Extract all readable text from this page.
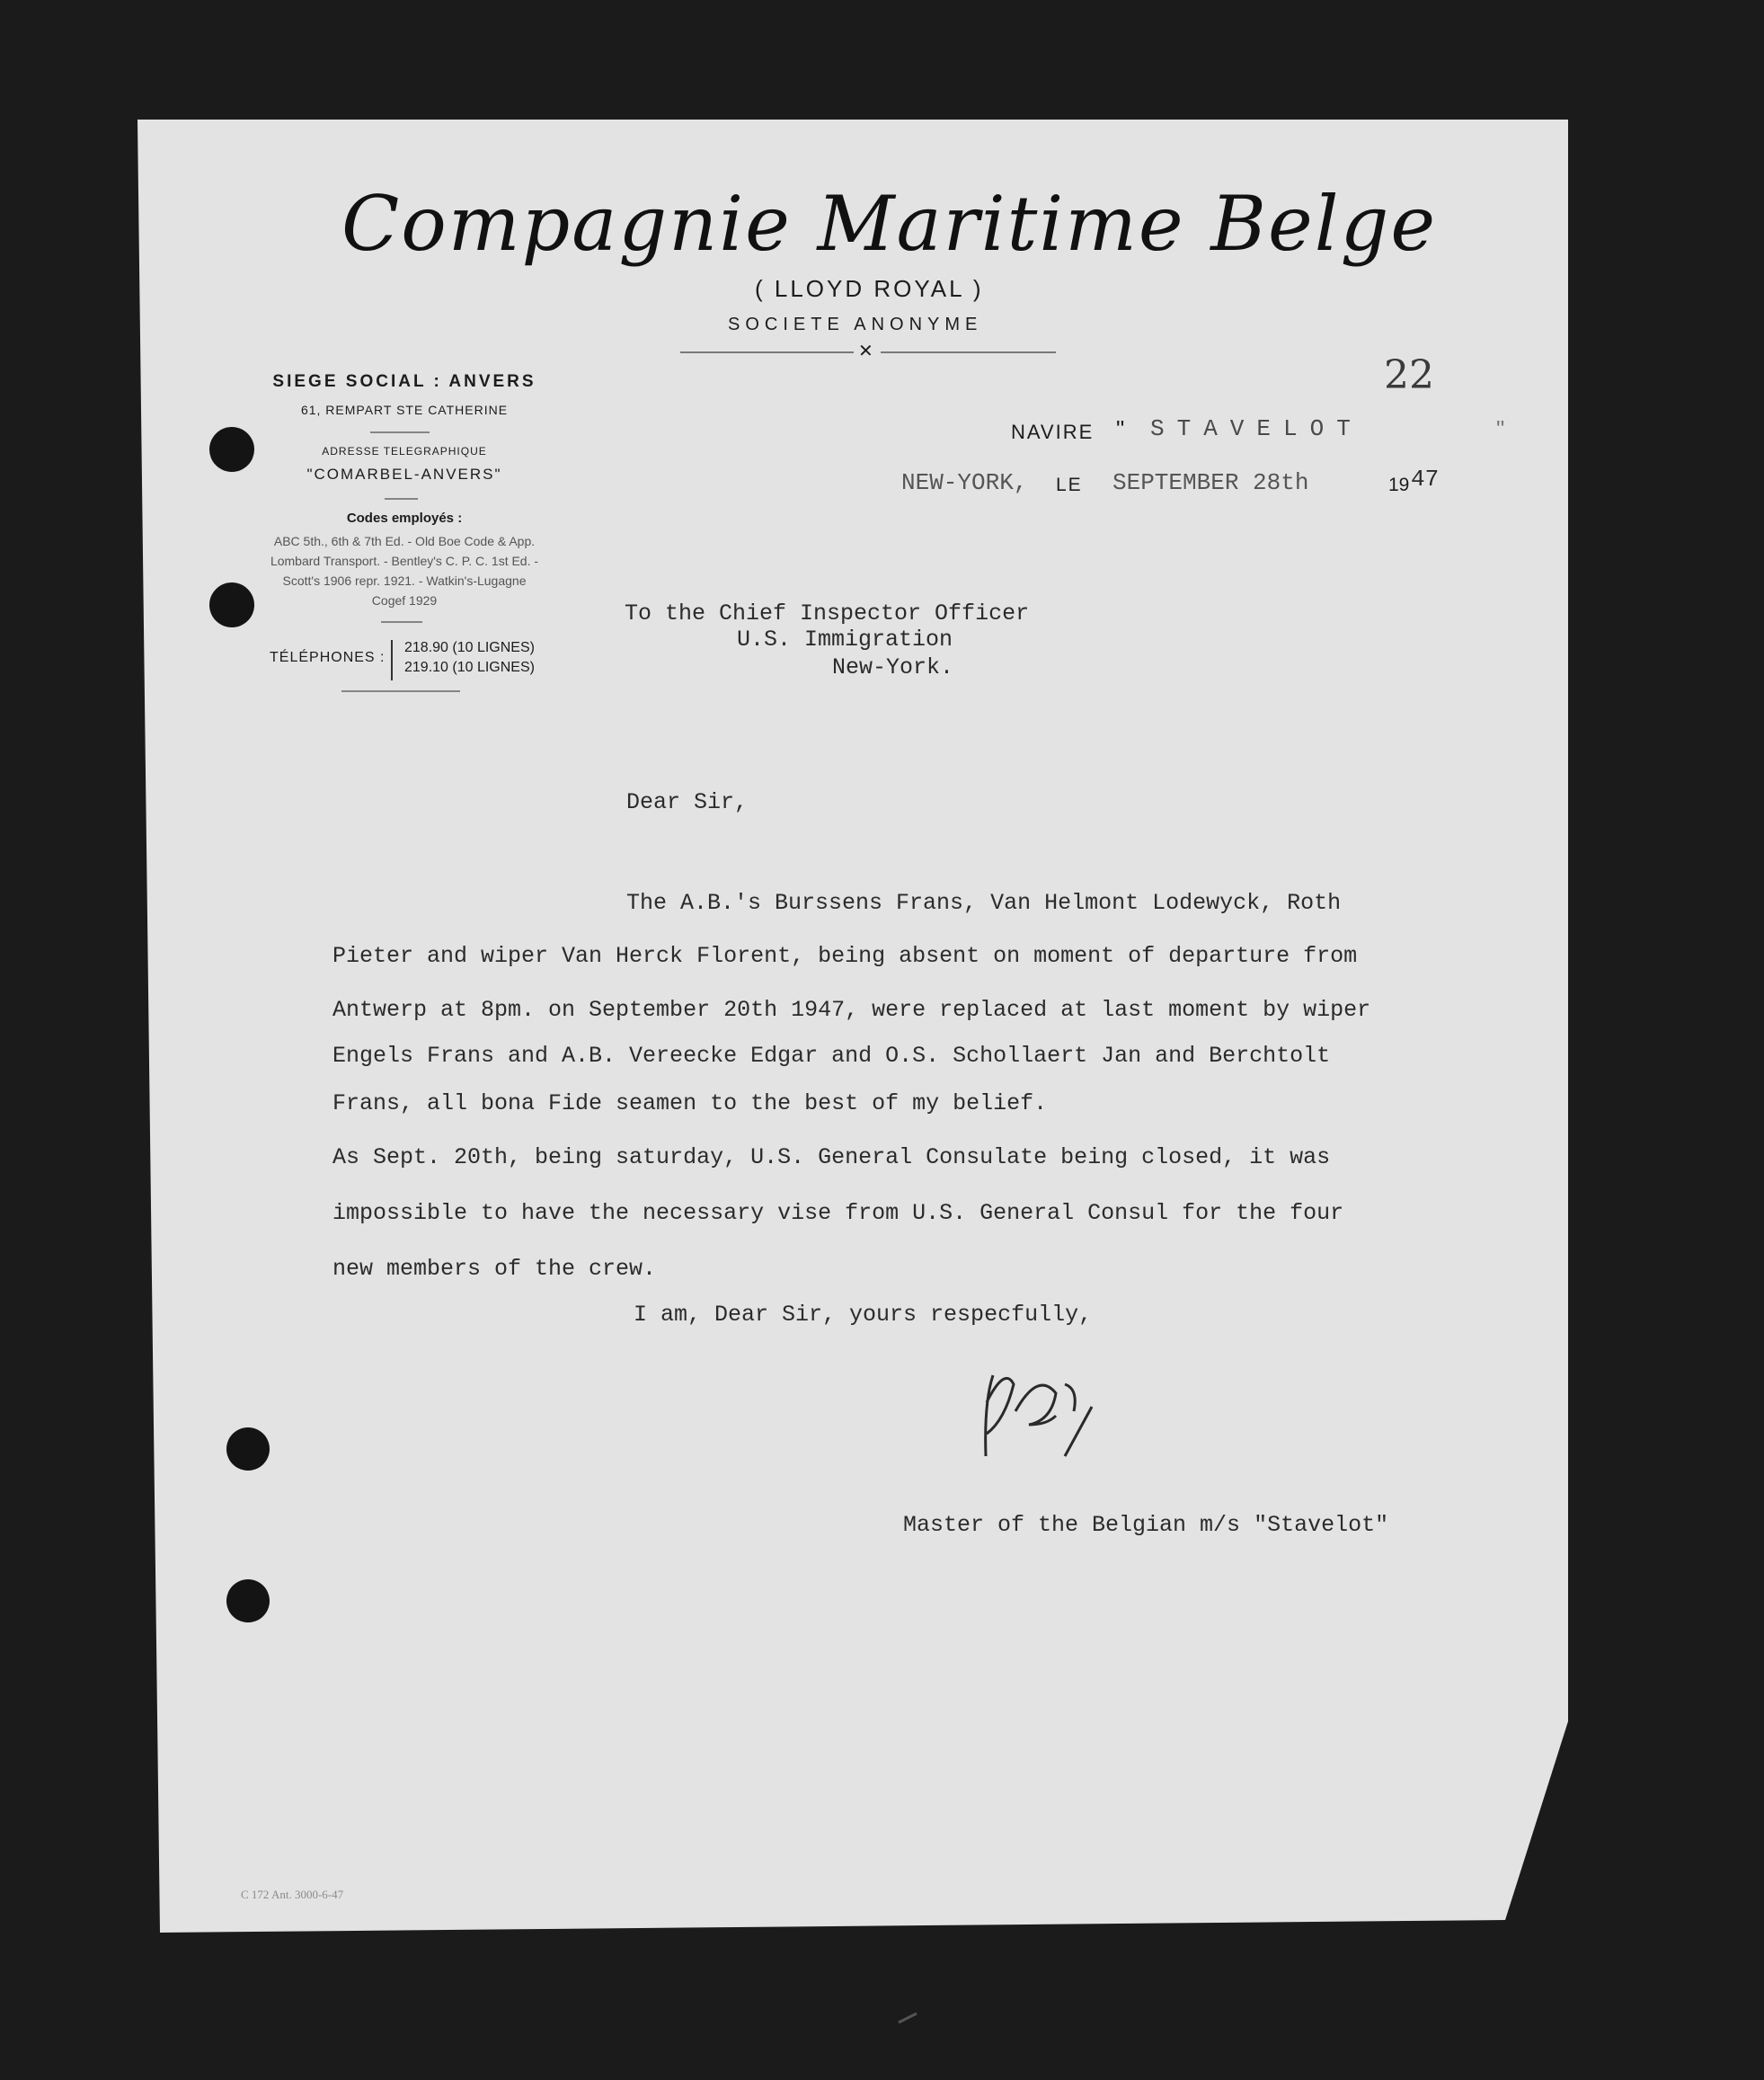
Compagnie Maritime Belge
( LLOYD ROYAL )
SOCIETE ANONYME
✕
SIEGE SOCIAL : ANVERS
61, REMPART STE CATHERINE
ADRESSE TELEGRAPHIQUE
"COMARBEL-ANVERS"
Codes employés :
ABC 5th., 6th & 7th Ed. - Old Boe Code & App.
Lombard Transport. - Bentley's C. P. C. 1st Ed. -
Scott's 1906 repr. 1921. - Watkin's-Lugagne
Cogef 1929
TÉLÉPHONES :
218.90 (10 LIGNES)
219.10 (10 LIGNES)
22
NAVIRE " STAVELOT	"
NEW-YORK, LE SEPTEMBER 28th	19 47
To the Chief Inspector Officer
U.S. Immigration
New-York.
Dear Sir,
The A.B.'s Burssens Frans, Van Helmont Lodewyck, Roth
Pieter and wiper Van Herck Florent, being absent on moment of departure from
Antwerp at 8pm. on September 20th 1947, were replaced at last moment by wiper
Engels Frans and A.B. Vereecke Edgar and O.S. Schollaert Jan and Berchtolt
Frans, all bona Fide seamen to the best of my belief.
As Sept. 20th, being saturday, U.S. General Consulate being closed, it was
impossible to have the necessary vise from U.S. General Consul for the four
new members of the crew.
I am, Dear Sir, yours respecfully,
Master of the Belgian m/s "Stavelot"
C 172 Ant. 3000-6-47
